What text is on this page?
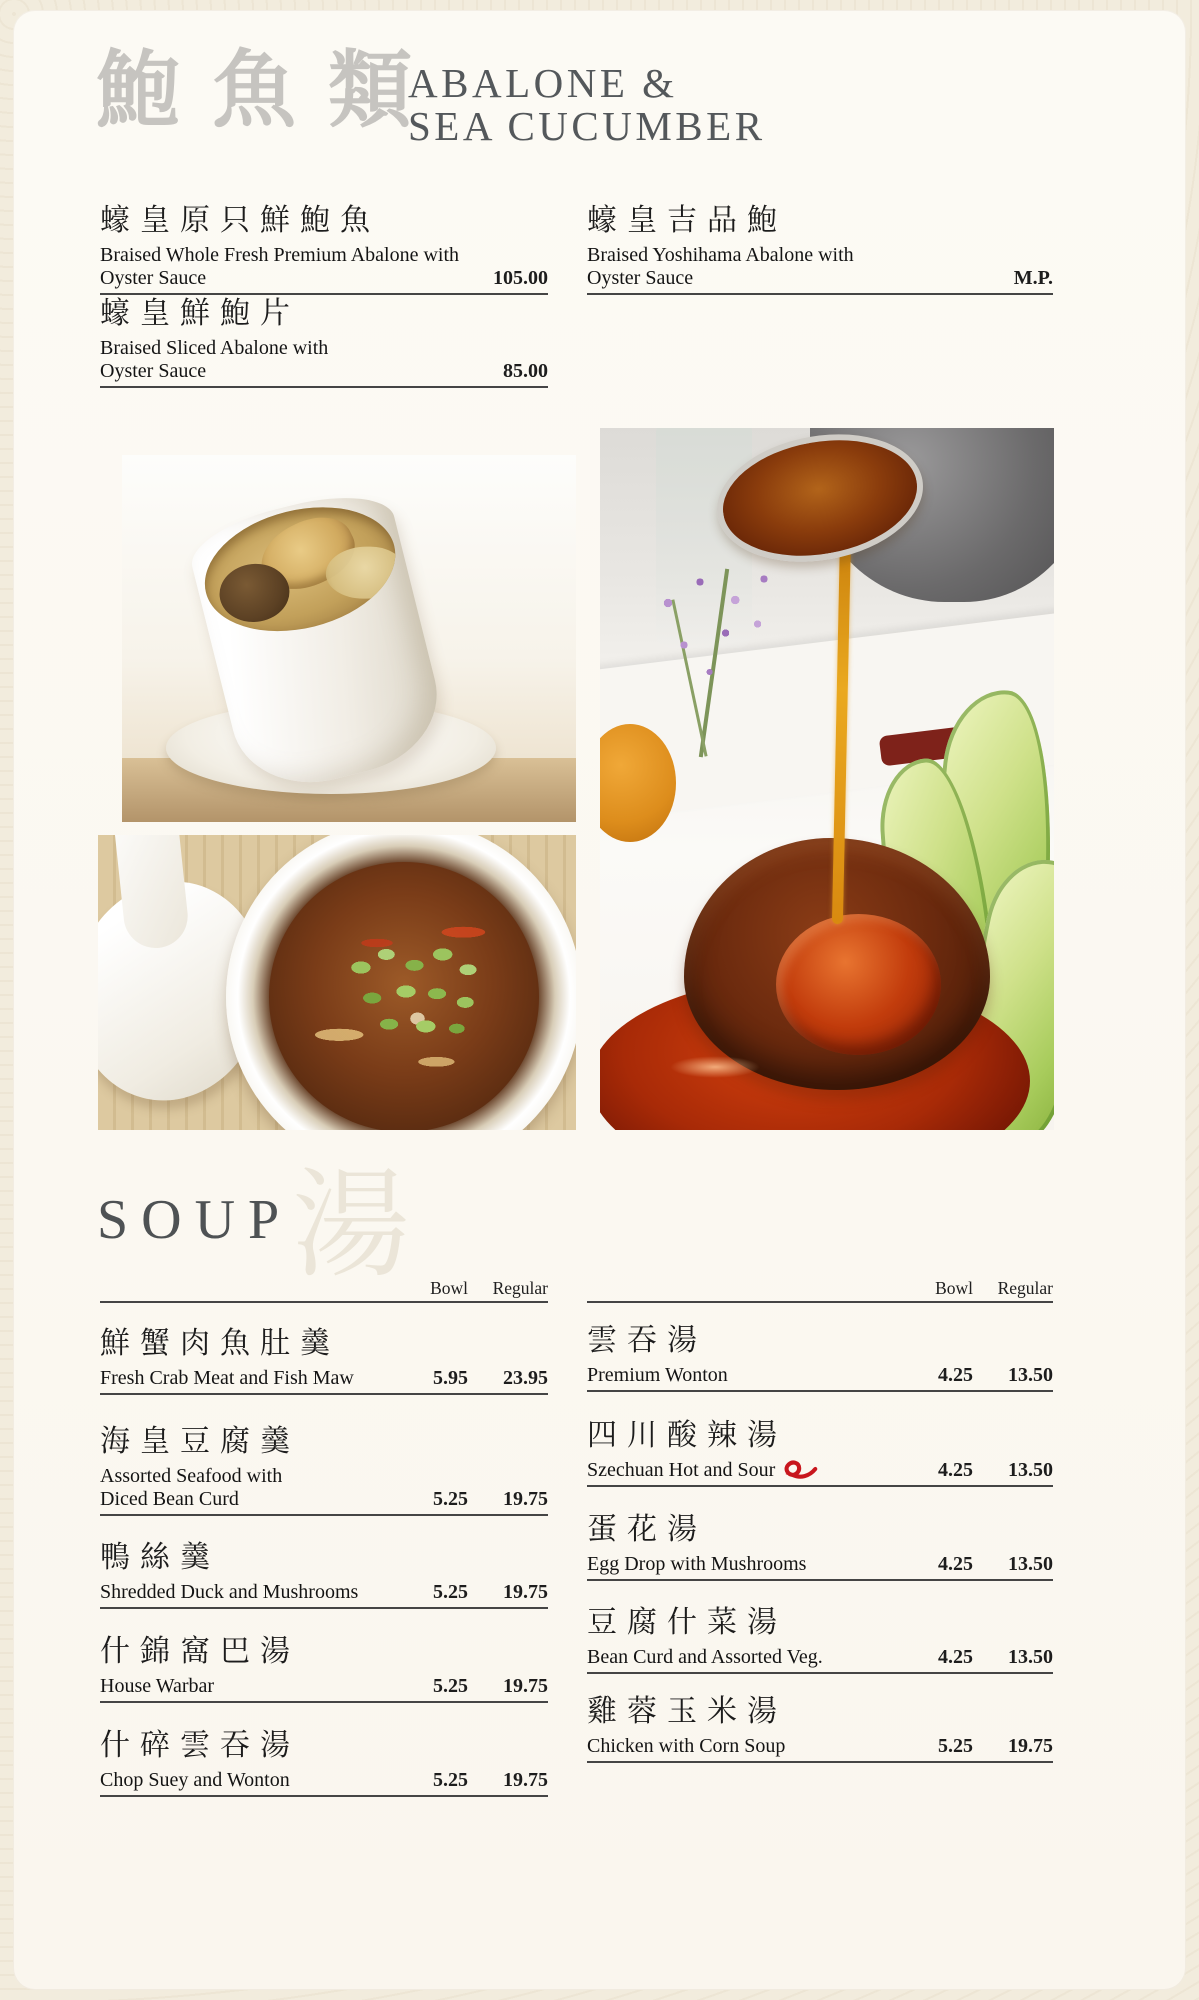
鮑魚類
ABALONE &
SEA CUCUMBER
蠔皇原只鮮鮑魚
Braised Whole Fresh Premium Abalone with
Oyster Sauce	105.00
蠔皇吉品鮑
Braised Yoshihama Abalone with
Oyster Sauce	M.P.
蠔皇鮮鮑片
Braised Sliced Abalone with
Oyster Sauce	85.00
湯
SOUP
Bowl	Regular	Bowl	Regular
鮮蟹肉魚肚羹
Fresh Crab Meat and Fish Maw	5.95	23.95
海皇豆腐羹
Assorted Seafood with
Diced Bean Curd	5.25	19.75
鴨絲羹
Shredded Duck and Mushrooms	5.25	19.75
什錦窩巴湯
House Warbar	5.25	19.75
什碎雲吞湯
Chop Suey and Wonton	5.25	19.75
雲吞湯
Premium Wonton	4.25	13.50
四川酸辣湯
Szechuan Hot and Sour	4.25	13.50
蛋花湯
Egg Drop with Mushrooms	4.25	13.50
豆腐什菜湯
Bean Curd and Assorted Veg.	4.25	13.50
雞蓉玉米湯
Chicken with Corn Soup	5.25	19.75
